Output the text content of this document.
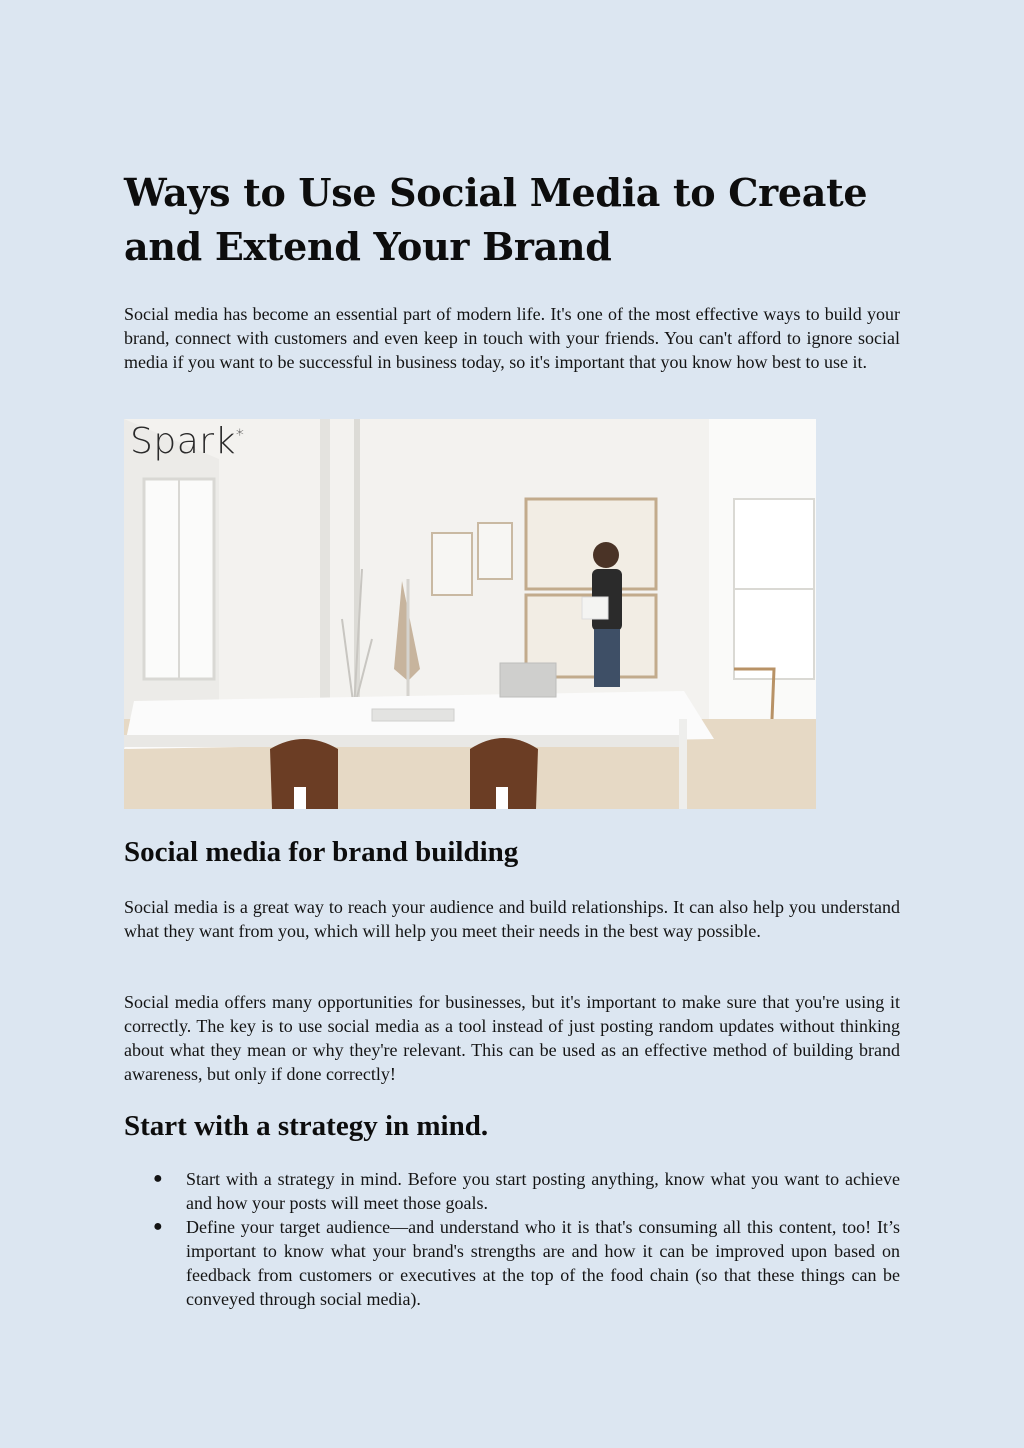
Ways to Use Social Media to Create and Extend Your Brand

Social media has become an essential part of modern life. It's one of the most effective ways to build your brand, connect with customers and even keep in touch with your friends. You can't afford to ignore social media if you want to be successful in business today, so it's important that you know how best to use it.

Social media for brand building

Social media is a great way to reach your audience and build relationships. It can also help you understand what they want from you, which will help you meet their needs in the best way possible.

Social media offers many opportunities for businesses, but it's important to make sure that you're using it correctly. The key is to use social media as a tool instead of just posting random updates without thinking about what they mean or why they're relevant. This can be used as an effective method of building brand awareness, but only if done correctly!

Start with a strategy in mind.
● Start with a strategy in mind. Before you start posting anything, know what you want to achieve and how your posts will meet those goals.
● Define your target audience—and understand who it is that's consuming all this content, too! It’s important to know what your brand's strengths are and how it can be improved upon based on feedback from customers or executives at the top of the food chain (so that these things can be conveyed through social media).
Spark*
